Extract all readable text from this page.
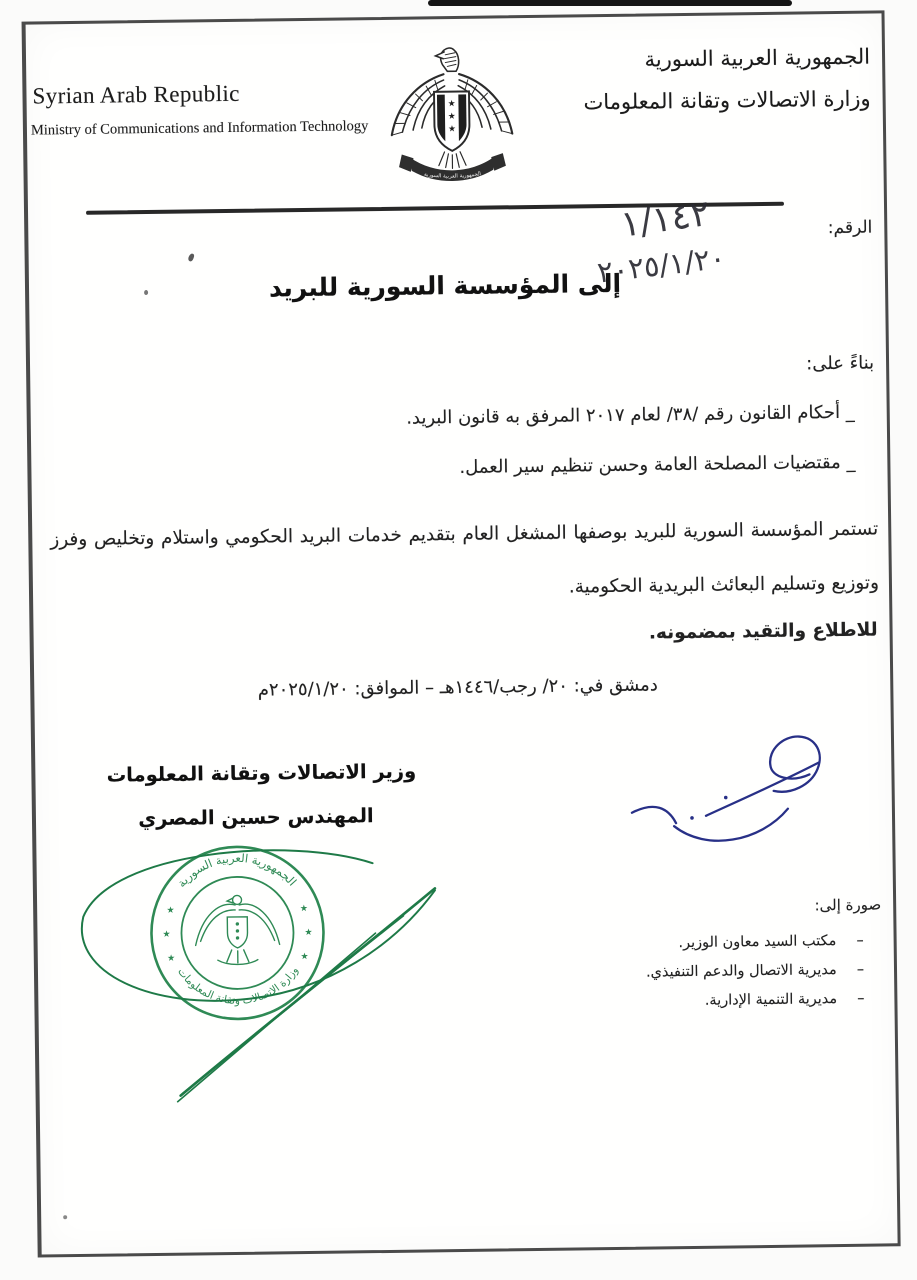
Syrian Arab Republic
Ministry of Communications and Information Technology
الجمهورية العربية السورية
وزارة الاتصالات وتقانة المعلومات
★
★
★
الجمهورية العربية السورية
الرقم:
١/١٤٢
٢٠٢٥/١/٢٠
إلى المؤسسة السورية للبريد
بناءً على:
_ أحكام القانون رقم /٣٨/ لعام ٢٠١٧ المرفق به قانون البريد.
_ مقتضيات المصلحة العامة وحسن تنظيم سير العمل.
تستمر المؤسسة السورية للبريد بوصفها المشغل العام بتقديم خدمات البريد الحكومي واستلام وتخليص وفرز وتوزيع وتسليم البعائث البريدية الحكومية.
للاطلاع والتقيد بمضمونه.
دمشق في: ٢٠/ رجب/١٤٤٦هـ – الموافق: ٢٠٢٥/١/٢٠م
وزير الاتصالات وتقانة المعلومات
المهندس حسين المصري
الجمهورية العربية السورية
وزارة الاتصالات وتقانة المعلومات
★
★
★
★
★
★
صورة إلى:
–
مكتب السيد معاون الوزير.
–
مديرية الاتصال والدعم التنفيذي.
–
مديرية التنمية الإدارية.
